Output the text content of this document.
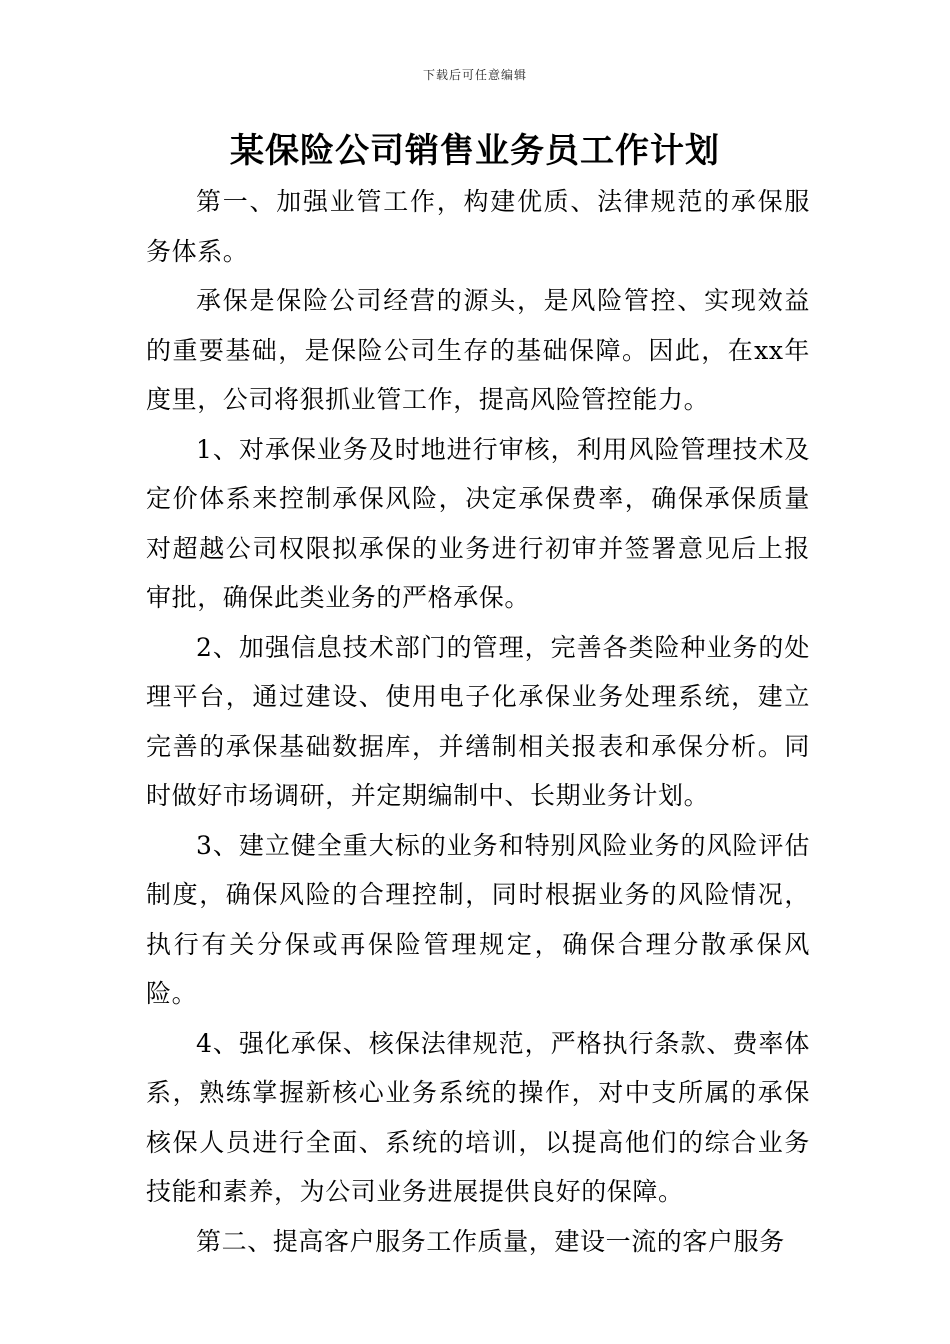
下载后可任意编辑
某保险公司销售业务员工作计划

第一、加强业管工作，构建优质、法律规范的承保服务体系。

承保是保险公司经营的源头，是风险管控、实现效益的重要基础，是保险公司生存的基础保障。因此，在xx年度里，公司将狠抓业管工作，提高风险管控能力。

1、对承保业务及时地进行审核，利用风险管理技术及定价体系来控制承保风险，决定承保费率，确保承保质量对超越公司权限拟承保的业务进行初审并签署意见后上报审批，确保此类业务的严格承保。

2、加强信息技术部门的管理，完善各类险种业务的处理平台，通过建设、使用电子化承保业务处理系统，建立完善的承保基础数据库，并缮制相关报表和承保分析。同时做好市场调研，并定期编制中、长期业务计划。

3、建立健全重大标的业务和特别风险业务的风险评估制度，确保风险的合理控制，同时根据业务的风险情况，执行有关分保或再保险管理规定，确保合理分散承保风险。

4、强化承保、核保法律规范，严格执行条款、费率体系，熟练掌握新核心业务系统的操作，对中支所属的承保核保人员进行全面、系统的培训，以提高他们的综合业务技能和素养，为公司业务进展提供良好的保障。

第二、提高客户服务工作质量，建设一流的客户服务
